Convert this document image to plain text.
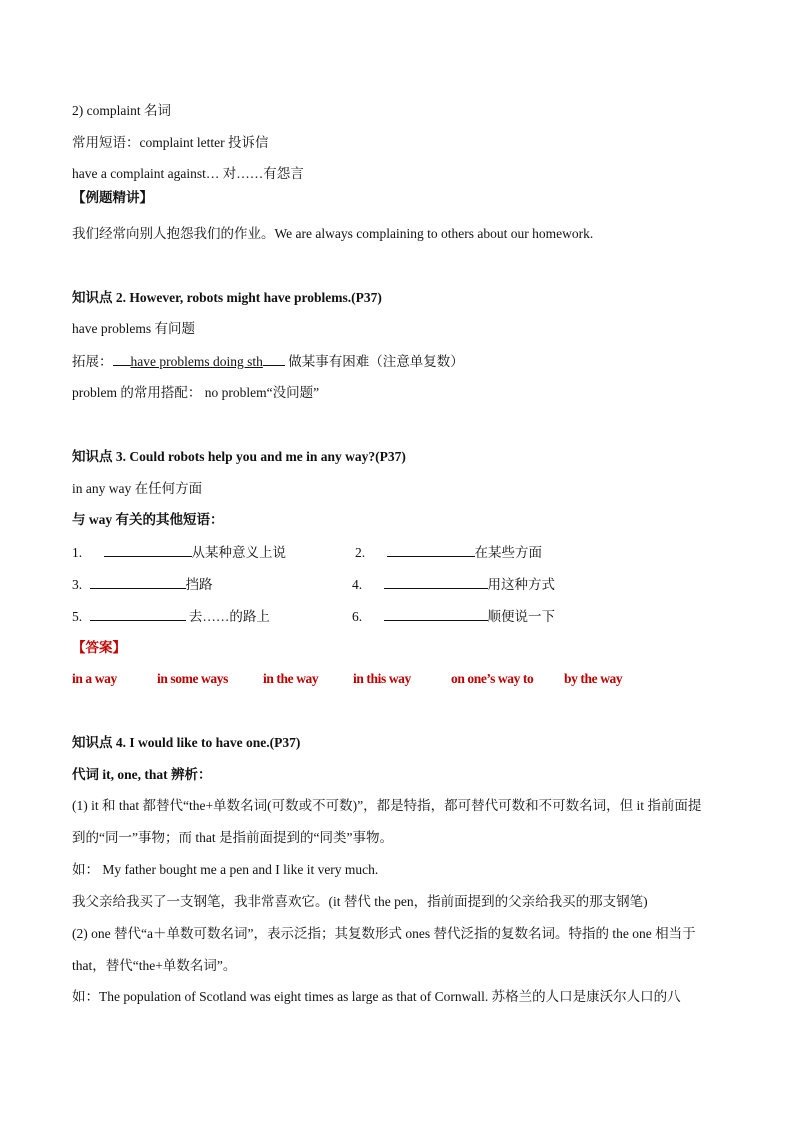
2) complaint 名词
常用短语：complaint letter 投诉信
have a complaint against… 对……有怨言
【例题精讲】
我们经常向别人抱怨我们的作业。We are always complaining to others about our homework.
知识点 2. However, robots might have problems.(P37)
have problems 有问题
拓展： have problems doing sth 做某事有困难（注意单复数）
problem 的常用搭配： no problem“没问题”
知识点 3. Could robots help you and me in any way?(P37)
in any way 在任何方面
与 way 有关的其他短语：
1.	从某种意义上说	2.	在某些方面
3.	挡路	4.	用这种方式
5.	去……的路上	6.	顺便说一下
【答案】
in a way	in some ways	in the way	in this way	on one’s way to by the way
知识点 4. I would like to have one.(P37)
代词 it, one, that 辨析：
(1) it 和 that 都替代“the+单数名词(可数或不可数)”，都是特指，都可替代可数和不可数名词，但 it 指前面提
到的“同一”事物；而 that 是指前面提到的“同类”事物。
如： My father bought me a pen and I like it very much.
我父亲给我买了一支钢笔，我非常喜欢它。(it 替代 the pen，指前面提到的父亲给我买的那支钢笔)
(2) one 替代“a＋单数可数名词”，表示泛指；其复数形式 ones 替代泛指的复数名词。特指的 the one 相当于
that，替代“the+单数名词”。
如：The population of Scotland was eight times as large as that of Cornwall. 苏格兰的人口是康沃尔人口的八
